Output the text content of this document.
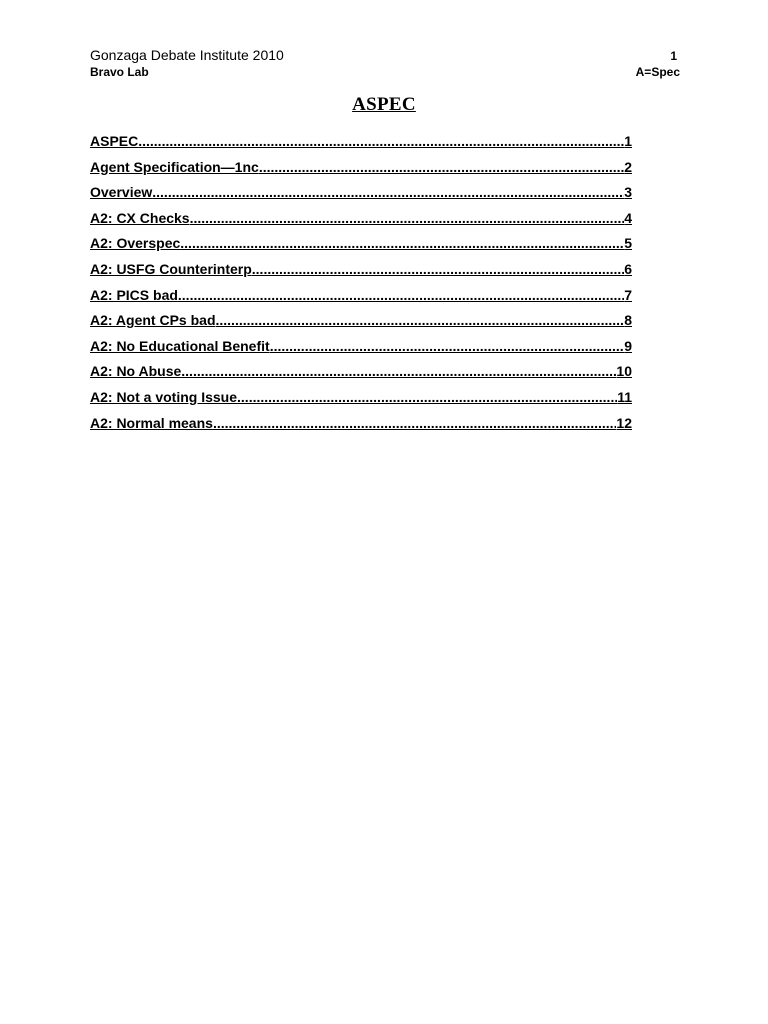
Gonzaga Debate Institute 2010	1
Bravo Lab	A=Spec
ASPEC
ASPEC .....	1
Agent Specification—1nc .....	2
Overview .....	3
A2: CX Checks .....	4
A2: Overspec .....	5
A2: USFG Counterinterp .....	6
A2: PICS bad .....	7
A2: Agent CPs bad .....	8
A2: No Educational Benefit .....	9
A2: No Abuse .....	10
A2: Not a voting Issue .....	11
A2: Normal means .....	12
